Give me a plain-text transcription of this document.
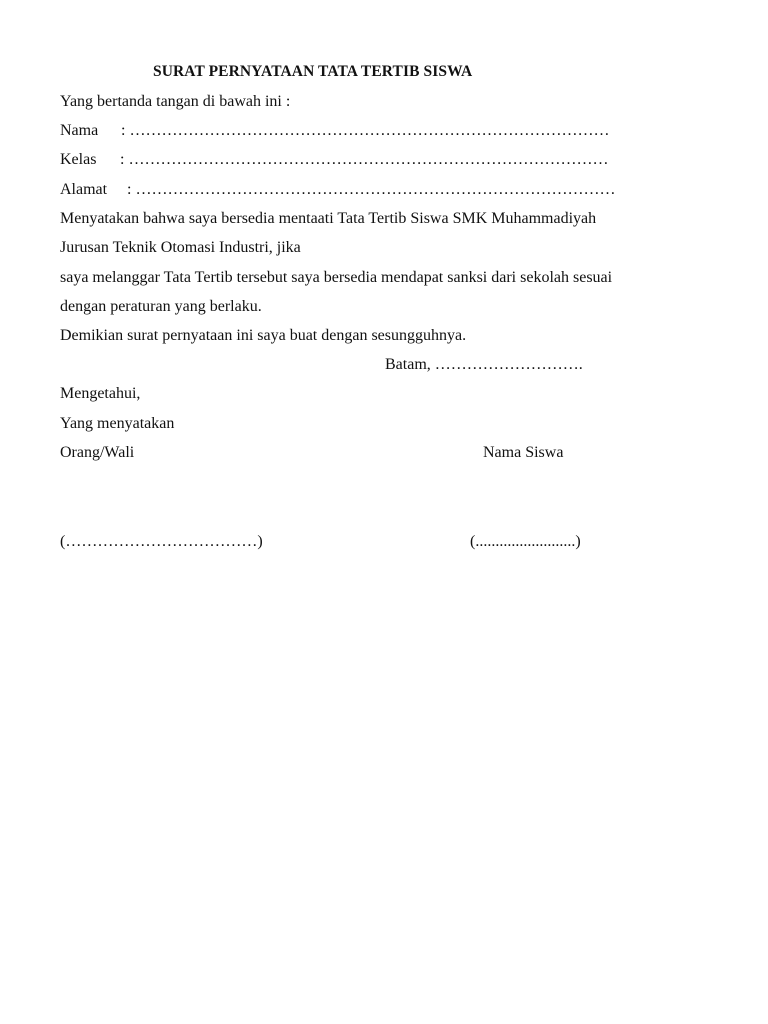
SURAT PERNYATAAN TATA TERTIB SISWA
Yang bertanda tangan di bawah ini :
Nama : ………………………………………………………………………………
Kelas : ………………………………………………………………………………
Alamat : ………………………………………………………………………………
Menyatakan bahwa saya bersedia mentaati Tata Tertib Siswa SMK Muhammadiyah
Jurusan Teknik Otomasi Industri, jika
saya melanggar Tata Tertib tersebut saya bersedia mendapat sanksi dari sekolah sesuai
dengan peraturan yang berlaku.
Demikian surat pernyataan ini saya buat dengan sesungguhnya.
Batam, ……………………….
Mengetahui,
Yang menyatakan
Orang/Wali	Nama Siswa
(………………………………)	(.........................)
